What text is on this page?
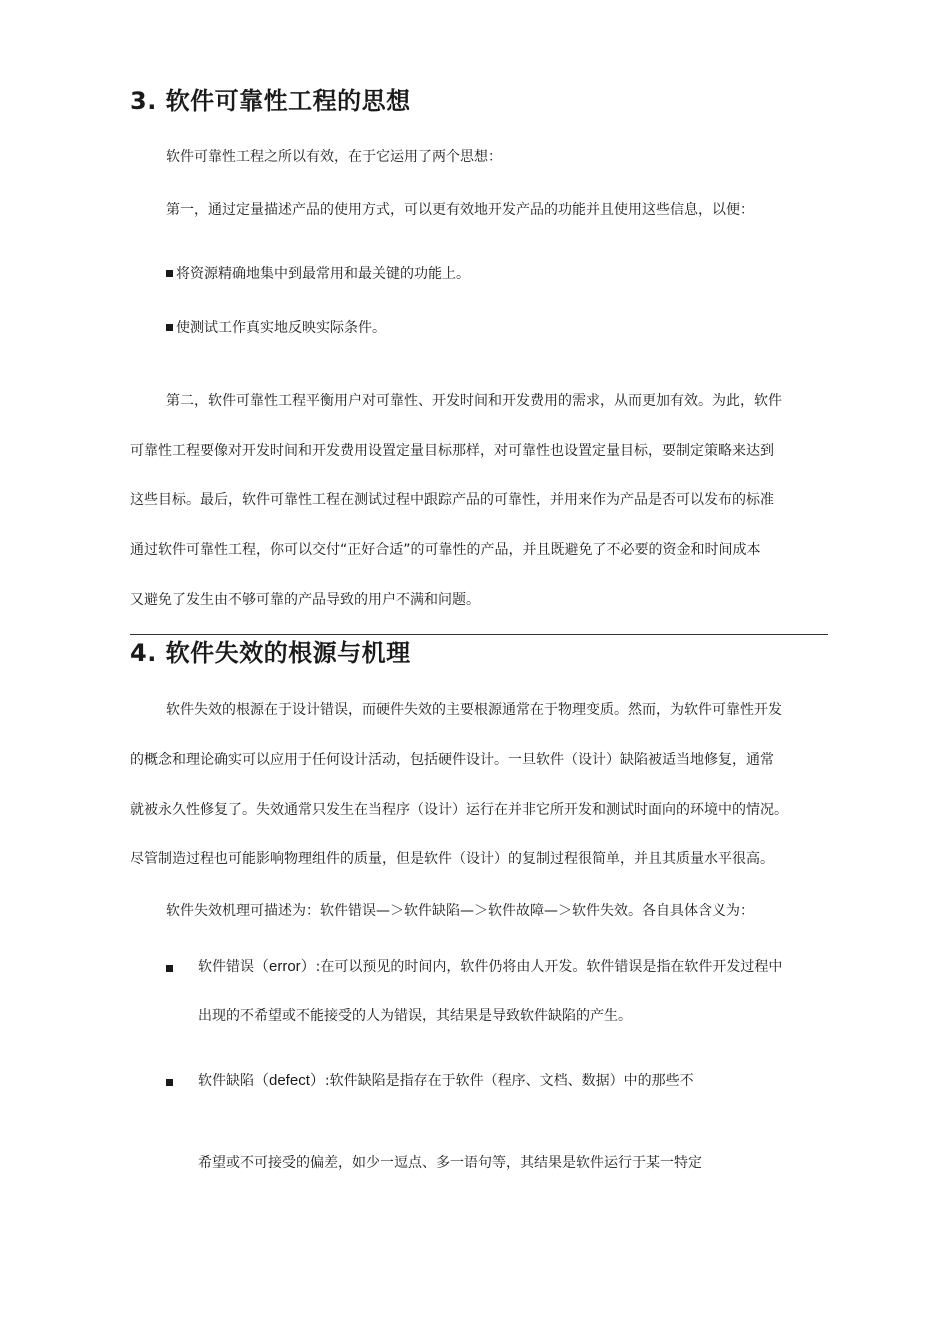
3. 软件可靠性工程的思想
软件可靠性工程之所以有效，在于它运用了两个思想：
第一，通过定量描述产品的使用方式，可以更有效地开发产品的功能并且使用这些信息，以便：
将资源精确地集中到最常用和最关键的功能上。
使测试工作真实地反映实际条件。
第二，软件可靠性工程平衡用户对可靠性、开发时间和开发费用的需求，从而更加有效。为此，软件
可靠性工程要像对开发时间和开发费用设置定量目标那样，对可靠性也设置定量目标，要制定策略来达到
这些目标。最后，软件可靠性工程在测试过程中跟踪产品的可靠性，并用来作为产品是否可以发布的标准
通过软件可靠性工程，你可以交付“正好合适”的可靠性的产品，并且既避免了不必要的资金和时间成本
又避免了发生由不够可靠的产品导致的用户不满和问题。
4. 软件失效的根源与机理
软件失效的根源在于设计错误，而硬件失效的主要根源通常在于物理变质。然而，为软件可靠性开发
的概念和理论确实可以应用于任何设计活动，包括硬件设计。一旦软件（设计）缺陷被适当地修复，通常
就被永久性修复了。失效通常只发生在当程序（设计）运行在并非它所开发和测试时面向的环境中的情况。
尽管制造过程也可能影响物理组件的质量，但是软件（设计）的复制过程很简单，并且其质量水平很高。
软件失效机理可描述为：软件错误—＞软件缺陷—＞软件故障—＞软件失效。各自具体含义为：
软件错误（error）:在可以预见的时间内，软件仍将由人开发。软件错误是指在软件开发过程中
出现的不希望或不能接受的人为错误，其结果是导致软件缺陷的产生。
软件缺陷（defect）:软件缺陷是指存在于软件（程序、文档、数据）中的那些不
希望或不可接受的偏差，如少一逗点、多一语句等，其结果是软件运行于某一特定
